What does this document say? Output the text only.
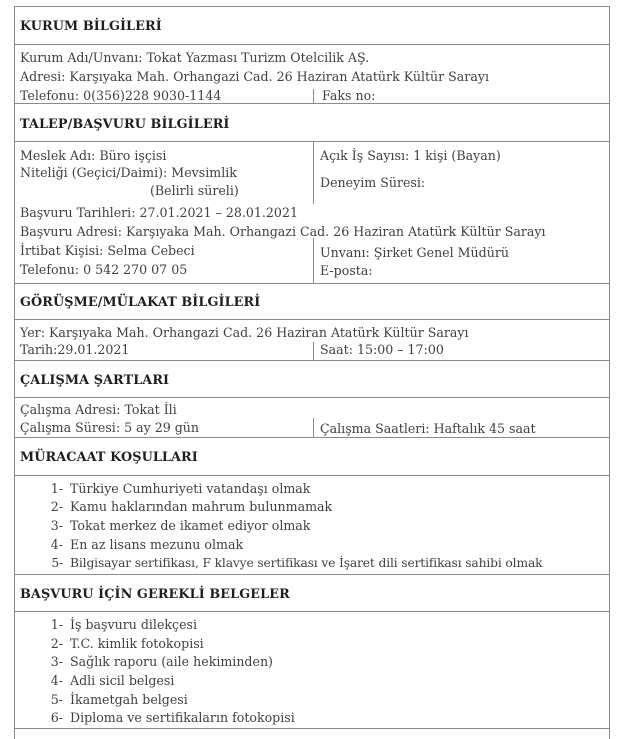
KURUM BİLGİLERİ
Kurum Adı/Unvanı: Tokat Yazması Turizm Otelcilik AŞ.
Adresi: Karşıyaka Mah. Orhangazi Cad. 26 Haziran Atatürk Kültür Sarayı
Telefonu: 0(356)228 9030-1144	Faks no:
TALEP/BAŞVURU BİLGİLERİ
Meslek Adı: Büro işçisi	Açık İş Sayısı: 1 kişi (Bayan)
Niteliği (Geçici/Daimi): Mevsimlik
(Belirli süreli)
Deneyim Süresi:
Başvuru Tarihleri: 27.01.2021 – 28.01.2021
Başvuru Adresi: Karşıyaka Mah. Orhangazi Cad. 26 Haziran Atatürk Kültür Sarayı
İrtibat Kişisi: Selma Cebeci	Unvanı: Şirket Genel Müdürü
Telefonu: 0 542 270 07 05	E-posta:
GÖRÜŞME/MÜLAKAT BİLGİLERİ
Yer: Karşıyaka Mah. Orhangazi Cad. 26 Haziran Atatürk Kültür Sarayı
Tarih:29.01.2021	Saat: 15:00 – 17:00
ÇALIŞMA ŞARTLARI
Çalışma Adresi: Tokat İli
Çalışma Süresi: 5 ay 29 gün	Çalışma Saatleri: Haftalık 45 saat
MÜRACAAT KOŞULLARI
1- Türkiye Cumhuriyeti vatandaşı olmak
2- Kamu haklarından mahrum bulunmamak
3- Tokat merkez de ikamet ediyor olmak
4- En az lisans mezunu olmak
5- Bilgisayar sertifikası, F klavye sertifikası ve İşaret dili sertifikası sahibi olmak
BAŞVURU İÇİN GEREKLİ BELGELER
1- İş başvuru dilekçesi
2- T.C. kimlik fotokopisi
3- Sağlık raporu (aile hekiminden)
4- Adli sicil belgesi
5- İkametgah belgesi
6- Diploma ve sertifikaların fotokopisi
